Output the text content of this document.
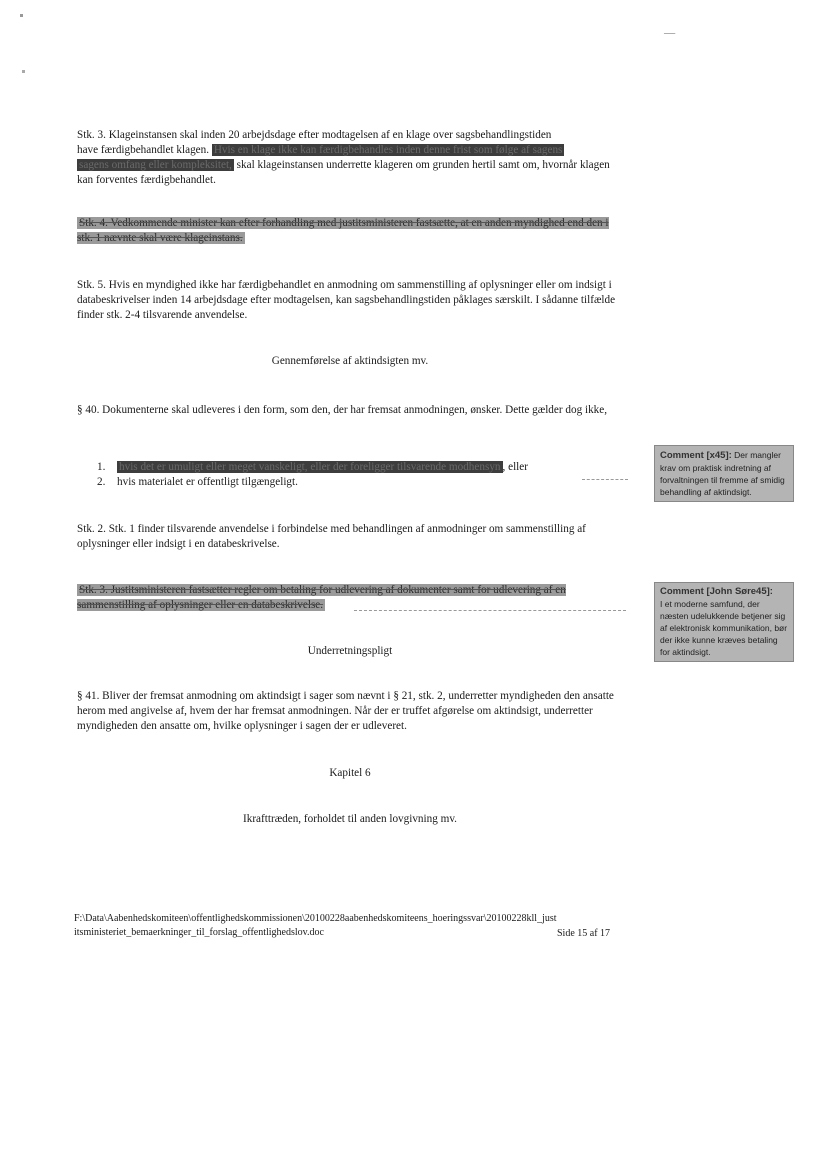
—
Stk. 3. Klageinstansen skal inden 20 arbejdsdage efter modtagelsen af en klage over sagsbehandlingstiden
have færdigbehandlet klagen. Hvis en klage ikke kan færdigbehandles inden denne frist som følge af sagens
sagens omfang eller kompleksitet, skal klageinstansen underrette klageren om grunden hertil samt om, hvornår klagen kan forventes færdigbehandlet.
Stk. 4. Vedkommende minister kan efter forhandling med justitsministeren fastsætte, at en anden myndighed end den i stk. 1 nævnte skal være klageinstans.
Stk. 5. Hvis en myndighed ikke har færdigbehandlet en anmodning om sammenstilling af oplysninger eller om indsigt i databeskrivelser inden 14 arbejdsdage efter modtagelsen, kan sagsbehandlingstiden påklages særskilt. I sådanne tilfælde finder stk. 2-4 tilsvarende anvendelse.
Gennemførelse af aktindsigten mv.
§ 40. Dokumenterne skal udleveres i den form, som den, der har fremsat anmodningen, ønsker. Dette gælder dog ikke,
1. hvis det er umuligt eller meget vanskeligt, eller der foreligger tilsvarende modhensyn , eller
2. hvis materialet er offentligt tilgængeligt.
Stk. 2. Stk. 1 finder tilsvarende anvendelse i forbindelse med behandlingen af anmodninger om sammenstilling af oplysninger eller indsigt i en databeskrivelse.
Stk. 3. Justitsministeren fastsætter regler om betaling for udlevering af dokumenter samt for udlevering af en sammenstilling af oplysninger eller en databeskrivelse.
Underretningspligt
§ 41. Bliver der fremsat anmodning om aktindsigt i sager som nævnt i § 21, stk. 2, underretter myndigheden den ansatte herom med angivelse af, hvem der har fremsat anmodningen. Når der er truffet afgørelse om aktindsigt, underretter myndigheden den ansatte om, hvilke oplysninger i sagen der er udleveret.
Kapitel 6
Ikrafttræden, forholdet til anden lovgivning mv.
F:\Data\Aabenhedskomiteen\offentlighedskommissionen\20100228aabenhedskomiteens_hoeringssvar\20100228kll_just
itsministeriet_bemaerkninger_til_forslag_offentlighedslov.doc	Side 15 af 17
Comment [x45]: Der mangler krav om praktisk indretning af forvaltningen til fremme af smidig behandling af aktindsigt.
Comment [John Søre45]:
I et moderne samfund, der næsten udelukkende betjener sig af elektronisk kommunikation, bør der ikke kunne kræves betaling for aktindsigt.
